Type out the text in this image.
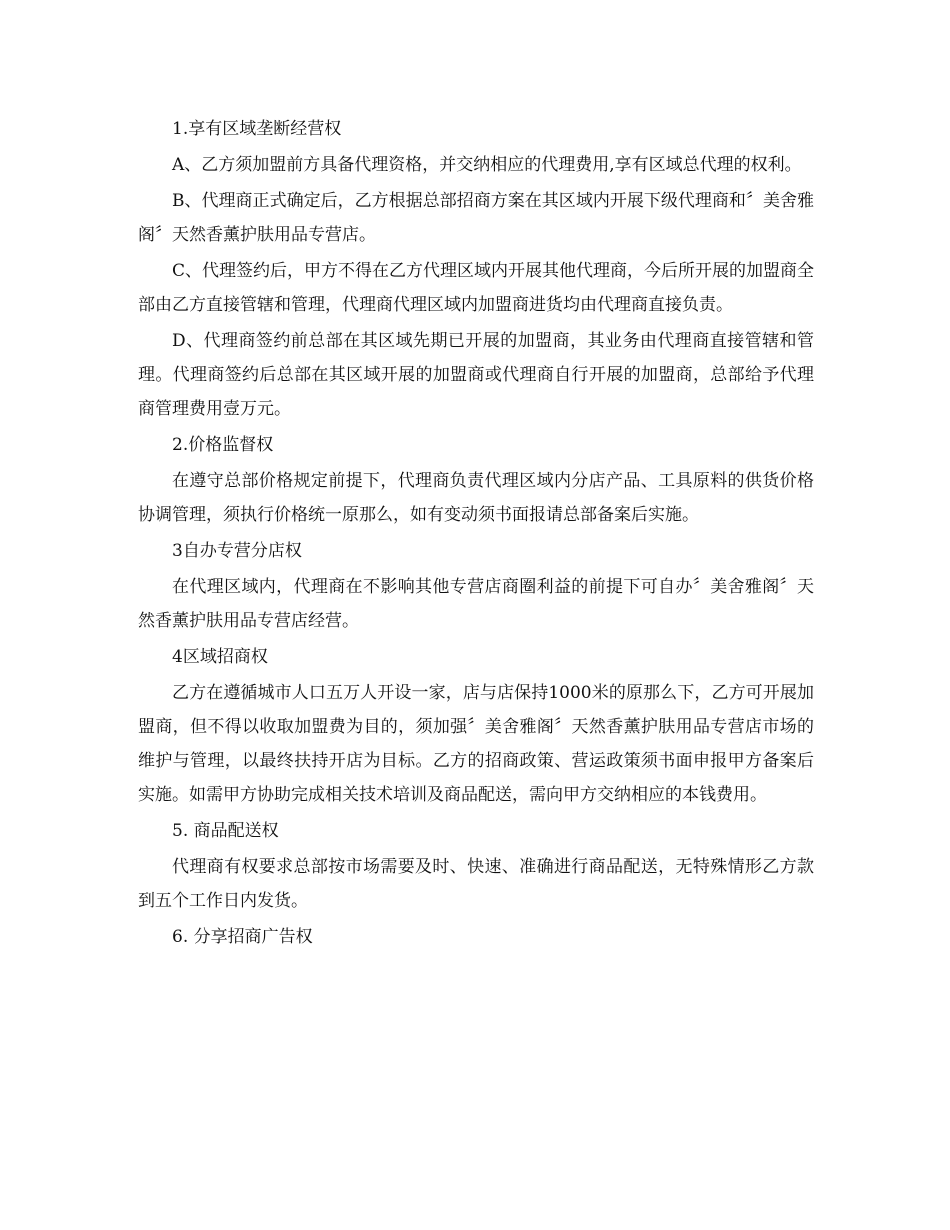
1.享有区域垄断经营权

A、乙方须加盟前方具备代理资格，并交纳相应的代理费用,享有区域总代理的权利。

B、代理商正式确定后，乙方根据总部招商方案在其区域内开展下级代理商和〞美舍雅阁〞天然香薰护肤用品专营店。

C、代理签约后，甲方不得在乙方代理区域内开展其他代理商，今后所开展的加盟商全部由乙方直接管辖和管理，代理商代理区域内加盟商进货均由代理商直接负责。

D、代理商签约前总部在其区域先期已开展的加盟商，其业务由代理商直接管辖和管理。代理商签约后总部在其区域开展的加盟商或代理商自行开展的加盟商，总部给予代理商管理费用壹万元。

2.价格监督权

在遵守总部价格规定前提下，代理商负责代理区域内分店产品、工具原料的供货价格协调管理，须执行价格统一原那么，如有变动须书面报请总部备案后实施。

3自办专营分店权

在代理区域内，代理商在不影响其他专营店商圈利益的前提下可自办〞美舍雅阁〞天然香薰护肤用品专营店经营。

4区域招商权

乙方在遵循城市人口五万人开设一家，店与店保持1000米的原那么下，乙方可开展加盟商，但不得以收取加盟费为目的，须加强〞美舍雅阁〞天然香薰护肤用品专营店市场的维护与管理，以最终扶持开店为目标。乙方的招商政策、营运政策须书面申报甲方备案后实施。如需甲方协助完成相关技术培训及商品配送，需向甲方交纳相应的本钱费用。

5. 商品配送权

代理商有权要求总部按市场需要及时、快速、准确进行商品配送，无特殊情形乙方款到五个工作日内发货。

6. 分享招商广告权
